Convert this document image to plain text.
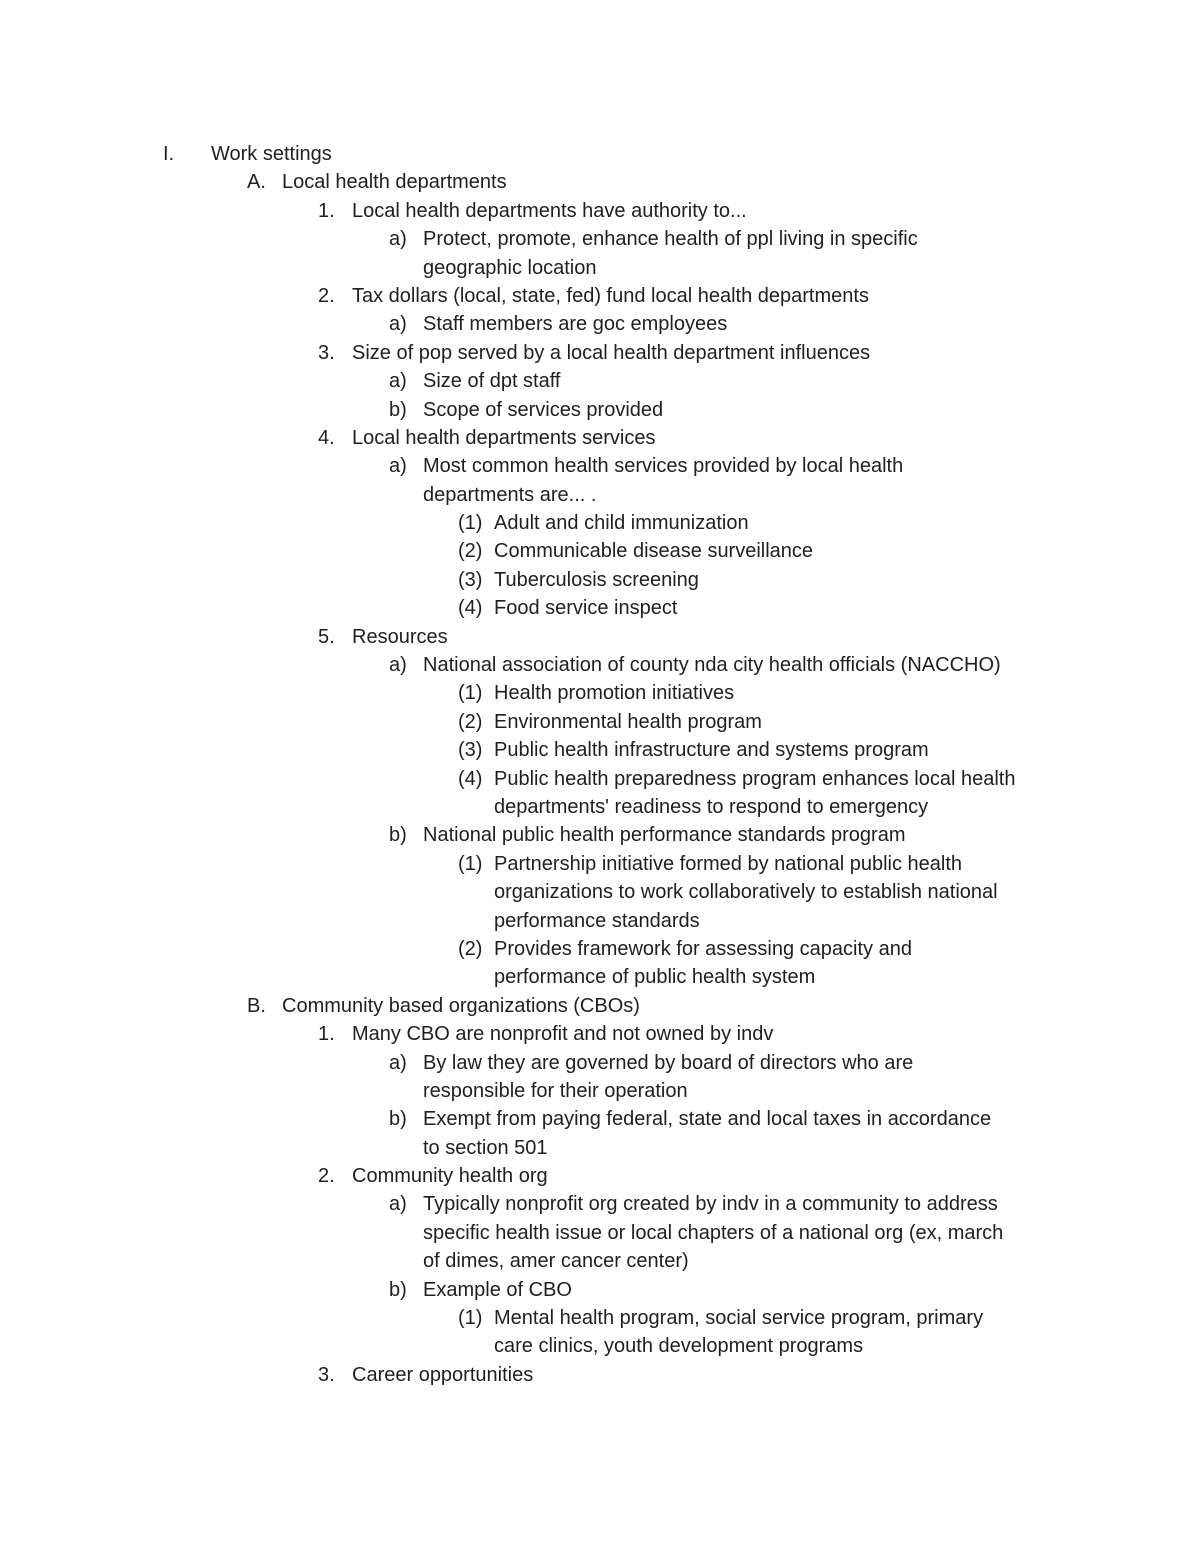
I. Work settings
A. Local health departments
1. Local health departments have authority to...
a) Protect, promote, enhance health of ppl living in specific
geographic location
2. Tax dollars (local, state, fed) fund local health departments
a) Staff members are goc employees
3. Size of pop served by a local health department influences
a) Size of dpt staff
b) Scope of services provided
4. Local health departments services
a) Most common health services provided by local health
departments are... .
(1) Adult and child immunization
(2) Communicable disease surveillance
(3) Tuberculosis screening
(4) Food service inspect
5. Resources
a) National association of county nda city health officials (NACCHO)
(1) Health promotion initiatives
(2) Environmental health program
(3) Public health infrastructure and systems program
(4) Public health preparedness program enhances local health
departments' readiness to respond to emergency
b) National public health performance standards program
(1) Partnership initiative formed by national public health
organizations to work collaboratively to establish national
performance standards
(2) Provides framework for assessing capacity and
performance of public health system
B. Community based organizations (CBOs)
1. Many CBO are nonprofit and not owned by indv
a) By law they are governed by board of directors who are
responsible for their operation
b) Exempt from paying federal, state and local taxes in accordance
to section 501
2. Community health org
a) Typically nonprofit org created by indv in a community to address
specific health issue or local chapters of a national org (ex, march
of dimes, amer cancer center)
b) Example of CBO
(1) Mental health program, social service program, primary
care clinics, youth development programs
3. Career opportunities
